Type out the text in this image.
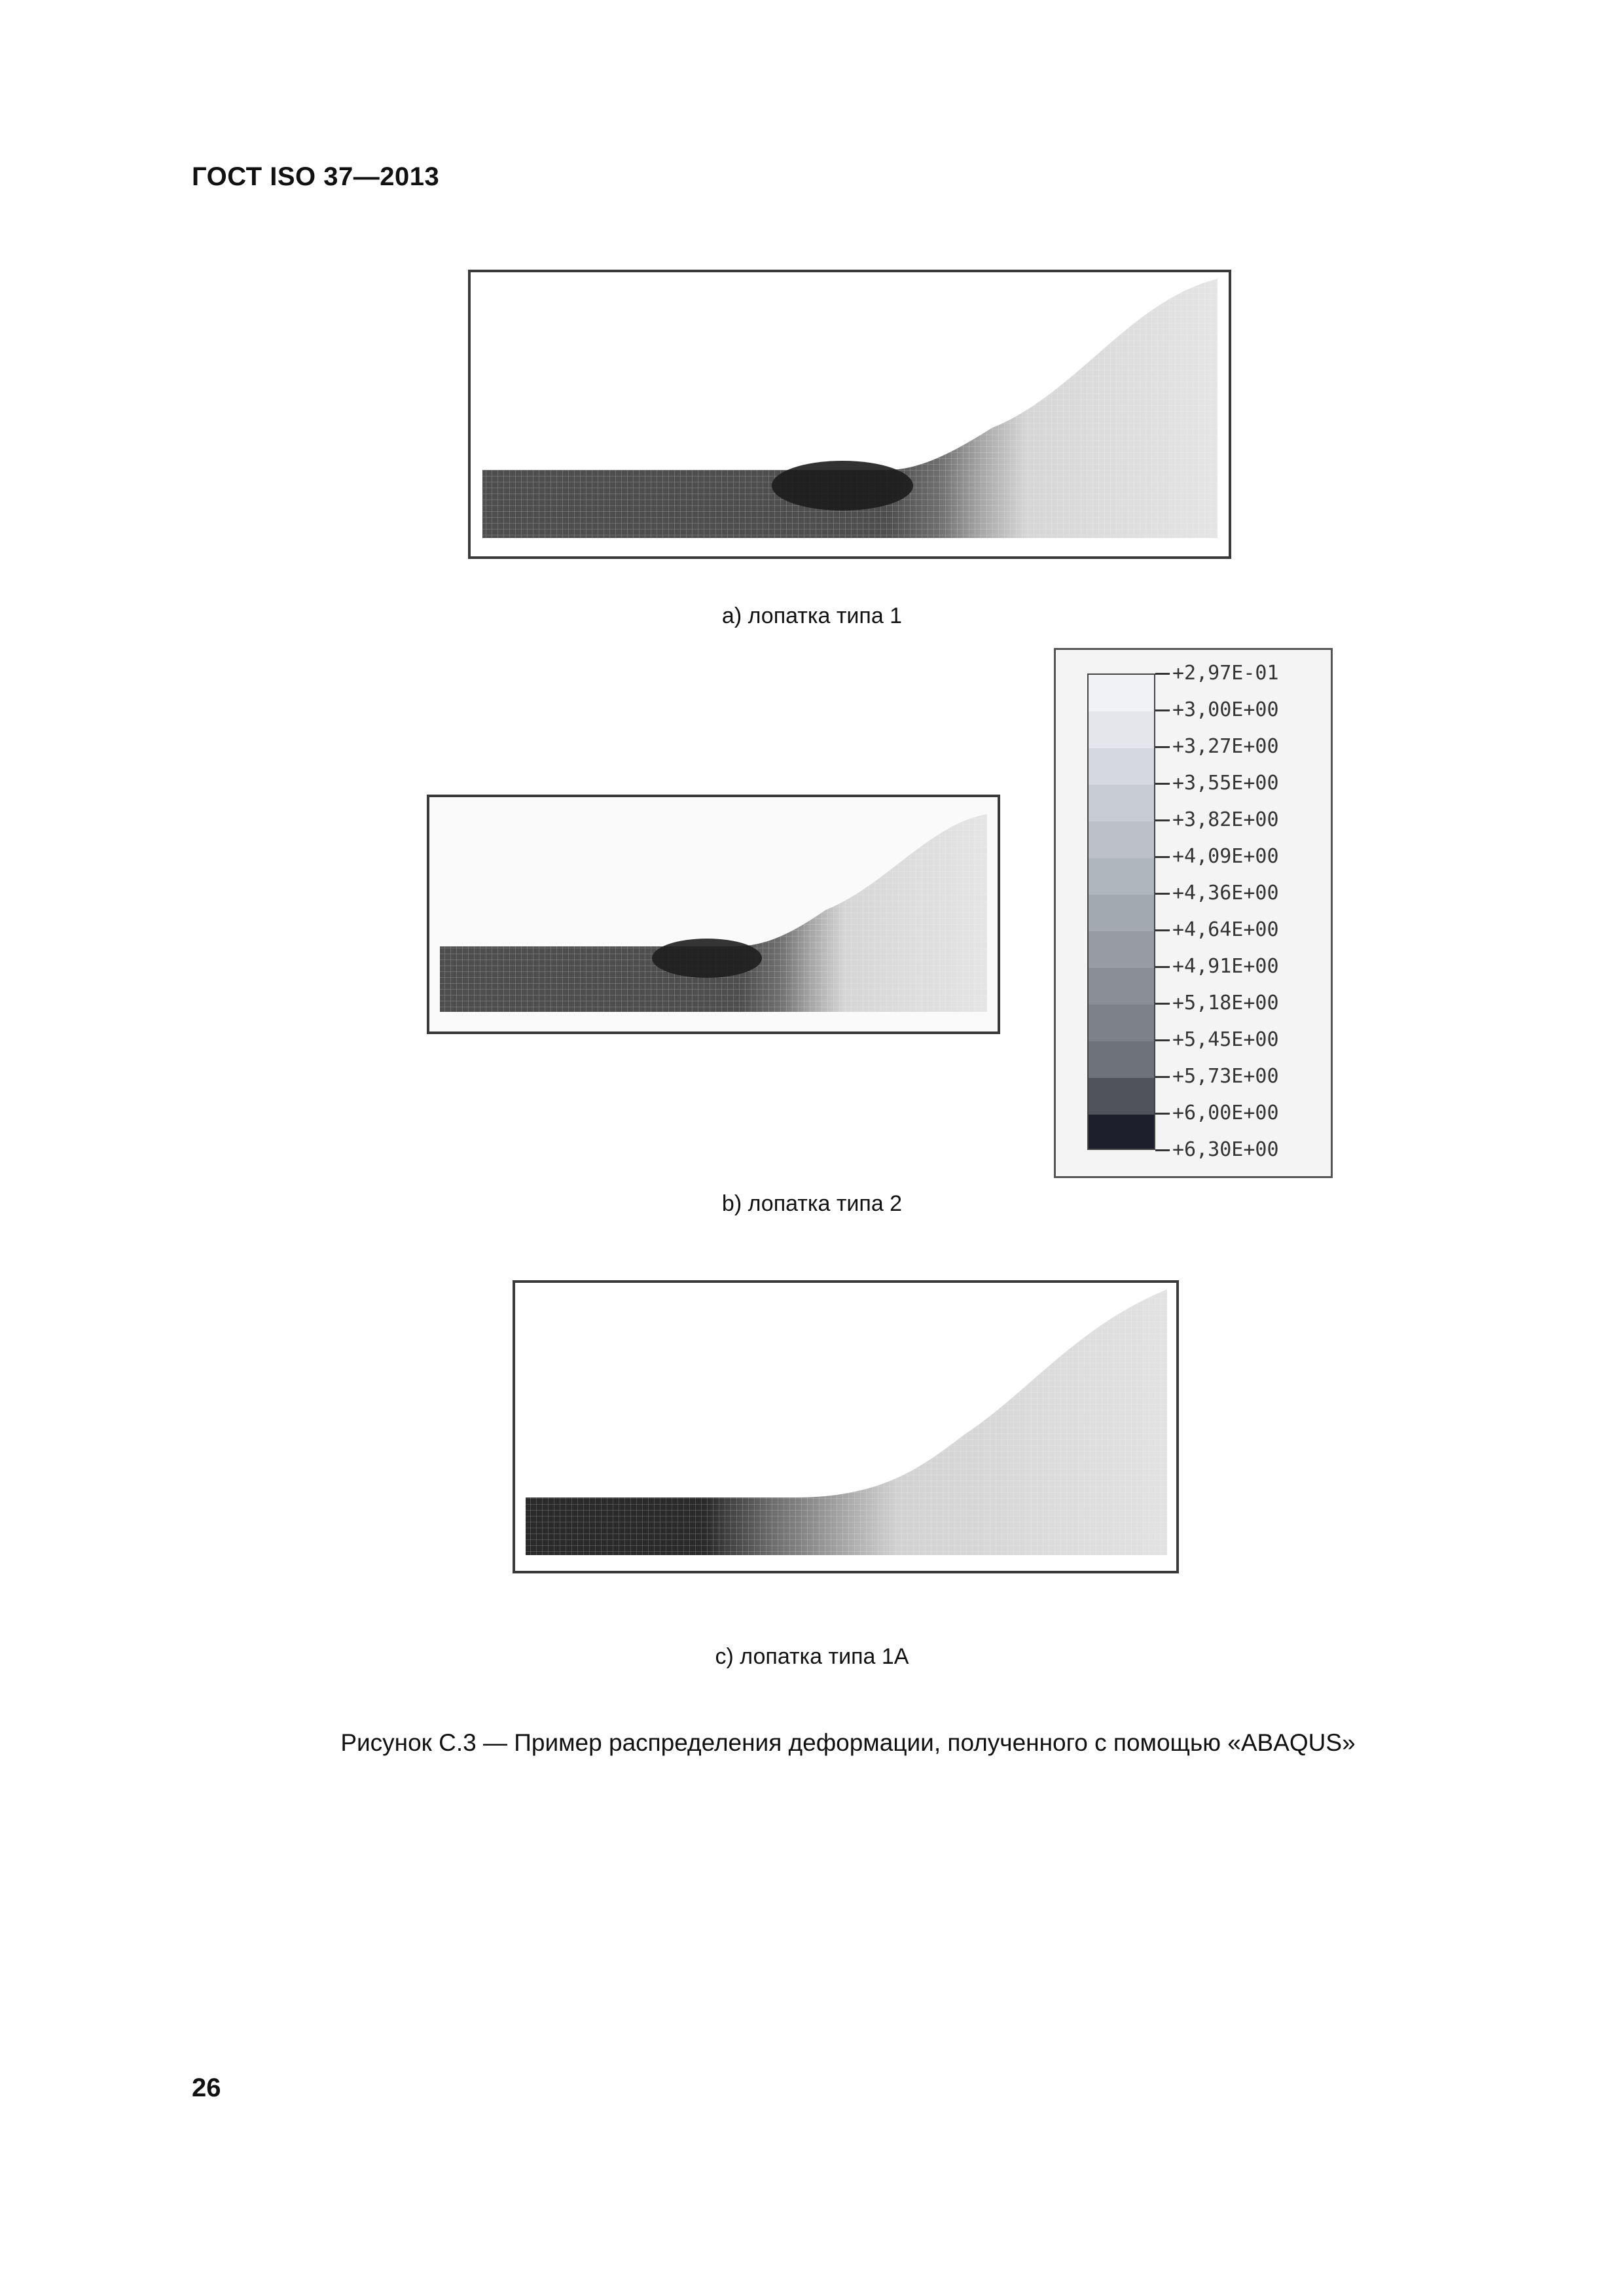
ГОСТ ISO 37—2013
а) лопатка типа 1
b) лопатка типа 2
+2,97E-01
+3,00E+00
+3,27E+00
+3,55E+00
+3,82E+00
+4,09E+00
+4,36E+00
+4,64E+00
+4,91E+00
+5,18E+00
+5,45E+00
+5,73E+00
+6,00E+00
+6,30E+00
с) лопатка типа 1А
Рисунок С.3 — Пример распределения деформации, полученного с помощью «ABAQUS»
26
